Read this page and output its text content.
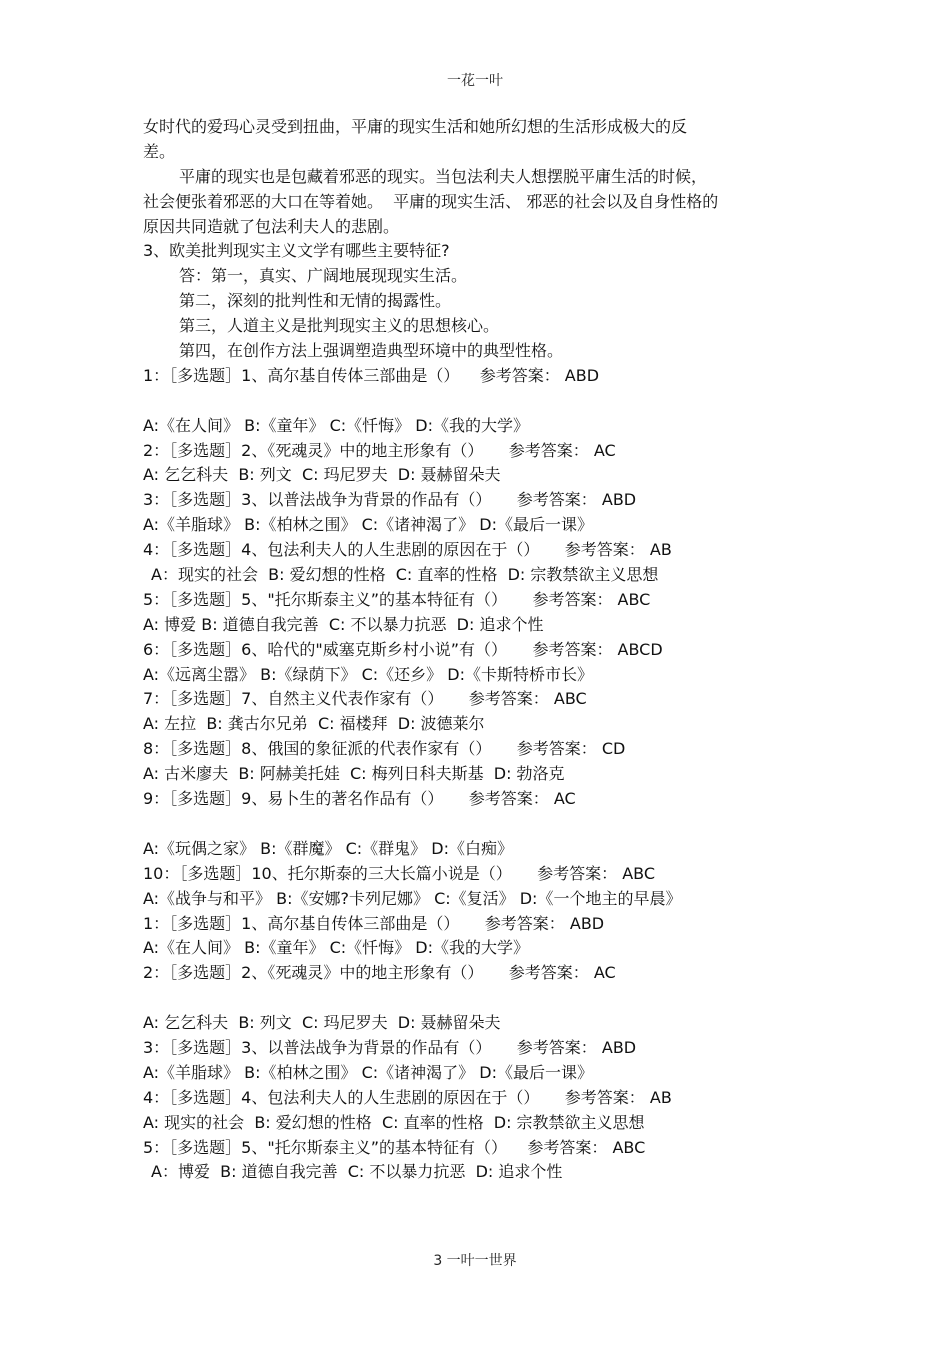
一花一叶
女时代的爱玛心灵受到扭曲，平庸的现实生活和她所幻想的生活形成极大的反
差。
平庸的现实也是包藏着邪恶的现实。当包法利夫人想摆脱平庸生活的时候，
社会便张着邪恶的大口在等着她。  平庸的现实生活、 邪恶的社会以及自身性格的
原因共同造就了包法利夫人的悲剧。
3、欧美批判现实主义文学有哪些主要特征?
答：第一，真实、广阔地展现现实生活。
第二，深刻的批判性和无情的揭露性。
第三，人道主义是批判现实主义的思想核心。
第四，在创作方法上强调塑造典型环境中的典型性格。
1：［多选题］1、高尔基自传体三部曲是（）    参考答案： ABD
A:《在人间》 B:《童年》 C:《忏悔》 D:《我的大学》
2：［多选题］2、《死魂灵》中的地主形象有（）     参考答案： AC
A: 乞乞科夫  B: 列文  C: 玛尼罗夫  D: 聂赫留朵夫
3：［多选题］3、以普法战争为背景的作品有（）     参考答案： ABD
A:《羊脂球》 B:《柏林之围》 C:《诸神渴了》 D:《最后一课》
4：［多选题］4、包法利夫人的人生悲剧的原因在于（）     参考答案： AB
A：现实的社会  B: 爱幻想的性格  C: 直率的性格  D: 宗教禁欲主义思想
5：［多选题］5、"托尔斯泰主义”的基本特征有（）     参考答案： ABC
A: 博爱 B: 道德自我完善  C: 不以暴力抗恶  D: 追求个性
6：［多选题］6、哈代的"威塞克斯乡村小说”有（）     参考答案： ABCD
A:《远离尘嚣》 B:《绿荫下》 C:《还乡》 D:《卡斯特桥市长》
7：［多选题］7、自然主义代表作家有（）     参考答案： ABC
A: 左拉  B: 龚古尔兄弟  C: 福楼拜  D: 波德莱尔
8：［多选题］8、俄国的象征派的代表作家有（）     参考答案： CD
A: 古米廖夫  B: 阿赫美托娃  C: 梅列日科夫斯基  D: 勃洛克
9：［多选题］9、易卜生的著名作品有（）     参考答案： AC
A:《玩偶之家》 B:《群魔》 C:《群鬼》 D:《白痴》
10：［多选题］10、托尔斯泰的三大长篇小说是（）     参考答案： ABC
A:《战争与和平》 B:《安娜?卡列尼娜》 C:《复活》 D:《一个地主的早晨》
1：［多选题］1、高尔基自传体三部曲是（）     参考答案： ABD
A:《在人间》 B:《童年》 C:《忏悔》 D:《我的大学》
2：［多选题］2、《死魂灵》中的地主形象有（）     参考答案： AC
A: 乞乞科夫  B: 列文  C: 玛尼罗夫  D: 聂赫留朵夫
3：［多选题］3、以普法战争为背景的作品有（）     参考答案： ABD
A:《羊脂球》 B:《柏林之围》 C:《诸神渴了》 D:《最后一课》
4：［多选题］4、包法利夫人的人生悲剧的原因在于（）     参考答案： AB
A: 现实的社会  B: 爱幻想的性格  C: 直率的性格  D: 宗教禁欲主义思想
5：［多选题］5、"托尔斯泰主义”的基本特征有（）    参考答案： ABC
A：博爱  B: 道德自我完善  C: 不以暴力抗恶  D: 追求个性
3 一叶一世界
